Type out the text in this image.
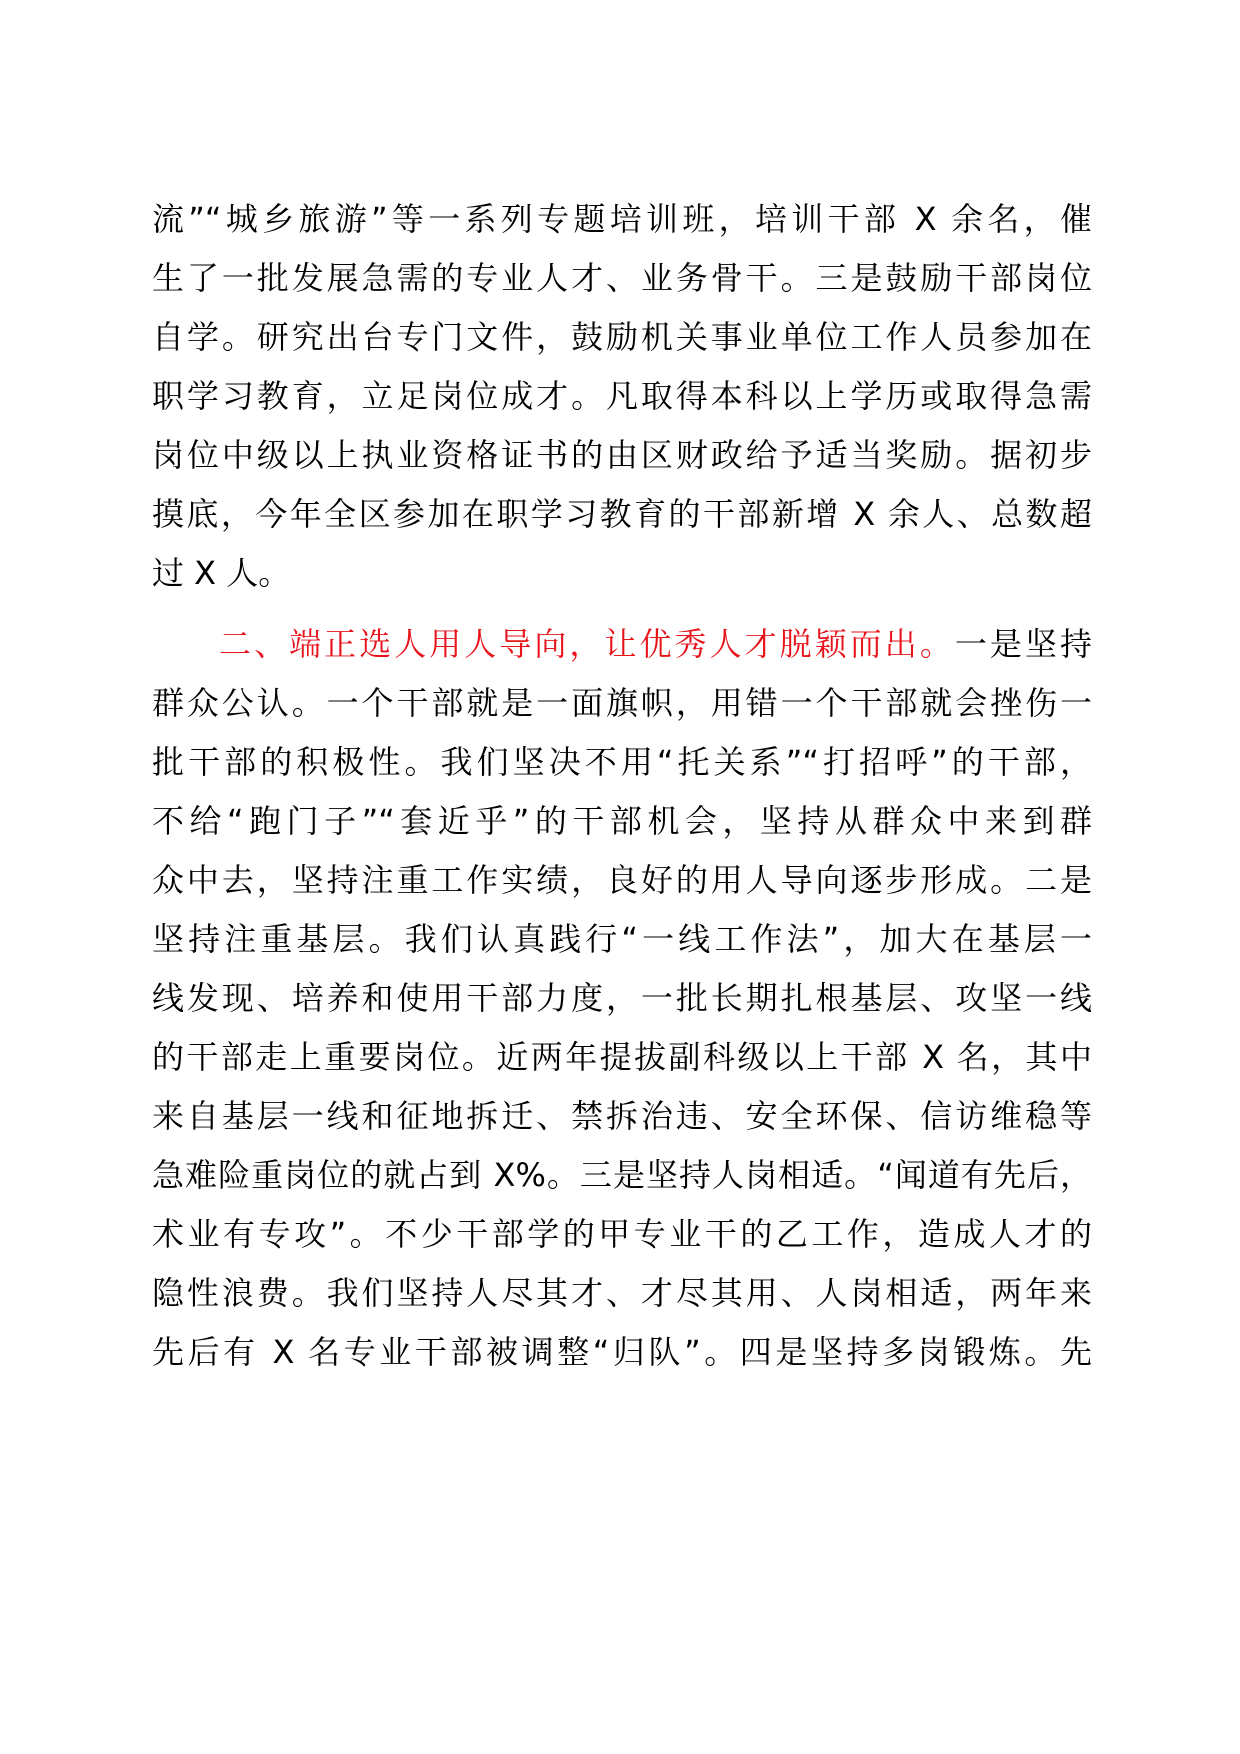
流”“城乡旅游”等一系列专题培训班，培训干部 X 余名，催
生了一批发展急需的专业人才、业务骨干。三是鼓励干部岗位
自学。研究出台专门文件，鼓励机关事业单位工作人员参加在
职学习教育，立足岗位成才。凡取得本科以上学历或取得急需
岗位中级以上执业资格证书的由区财政给予适当奖励。据初步
摸底，今年全区参加在职学习教育的干部新增 X 余人、总数超
过 X 人。
二、端正选人用人导向，让优秀人才脱颖而出。一是坚持
群众公认。一个干部就是一面旗帜，用错一个干部就会挫伤一
批干部的积极性。我们坚决不用“托关系”“打招呼”的干部，
不给“跑门子”“套近乎”的干部机会，坚持从群众中来到群
众中去，坚持注重工作实绩，良好的用人导向逐步形成。二是
坚持注重基层。我们认真践行“一线工作法”，加大在基层一
线发现、培养和使用干部力度，一批长期扎根基层、攻坚一线
的干部走上重要岗位。近两年提拔副科级以上干部 X 名，其中
来自基层一线和征地拆迁、禁拆治违、安全环保、信访维稳等
急难险重岗位的就占到 X%。三是坚持人岗相适。“闻道有先后，
术业有专攻”。不少干部学的甲专业干的乙工作，造成人才的
隐性浪费。我们坚持人尽其才、才尽其用、人岗相适，两年来
先后有 X 名专业干部被调整“归队”。四是坚持多岗锻炼。先
